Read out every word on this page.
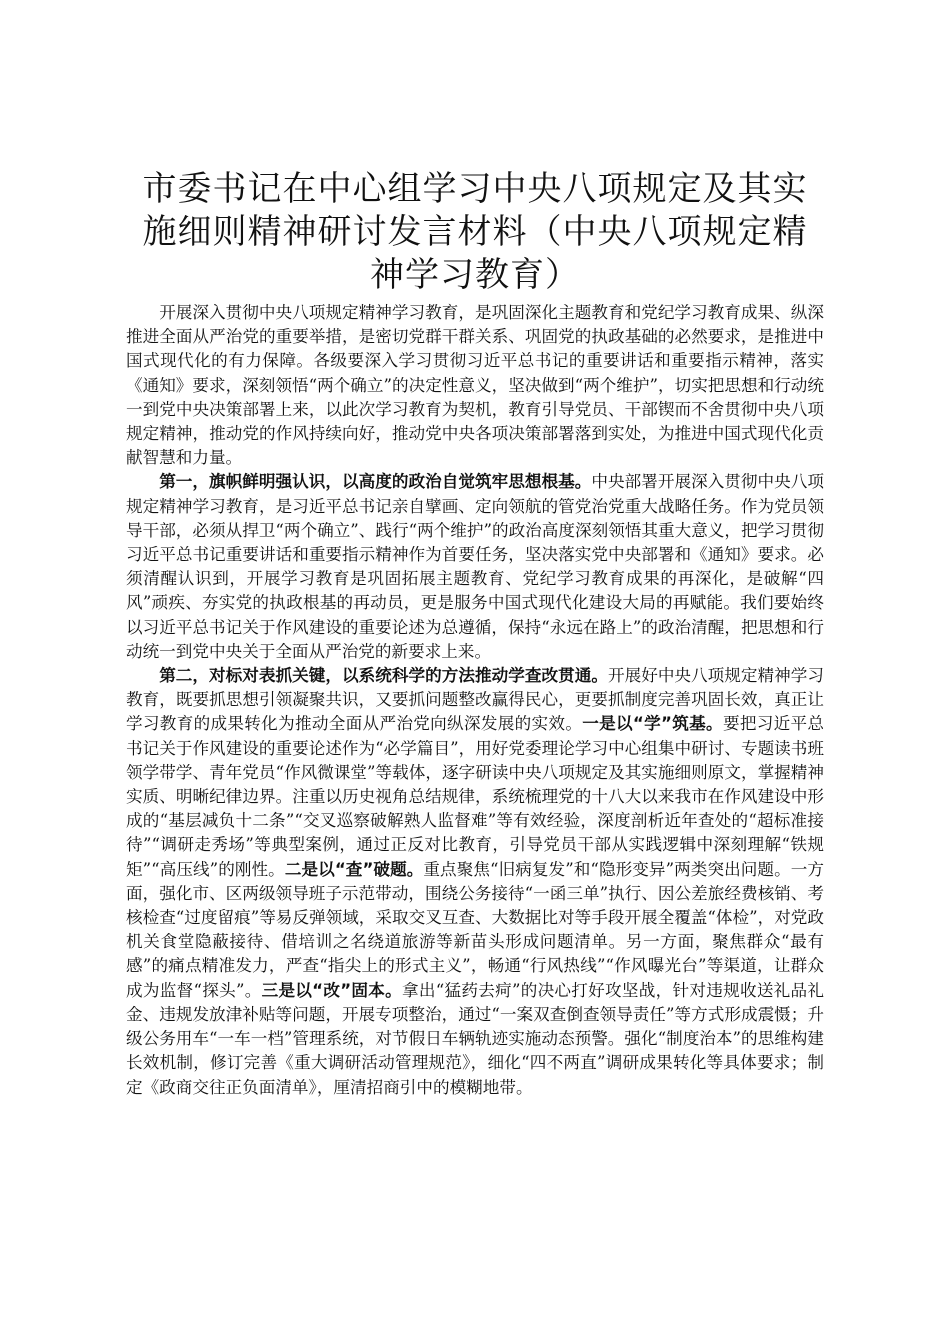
市委书记在中心组学习中央八项规定及其实施细则精神研讨发言材料（中央八项规定精神学习教育）

开展深入贯彻中央八项规定精神学习教育，是巩固深化主题教育和党纪学习教育成果、纵深推进全面从严治党的重要举措，是密切党群干群关系、巩固党的执政基础的必然要求，是推进中国式现代化的有力保障。各级要深入学习贯彻习近平总书记的重要讲话和重要指示精神，落实《通知》要求，深刻领悟“两个确立”的决定性意义，坚决做到“两个维护”，切实把思想和行动统一到党中央决策部署上来，以此次学习教育为契机，教育引导党员、干部锲而不舍贯彻中央八项规定精神，推动党的作风持续向好，推动党中央各项决策部署落到实处，为推进中国式现代化贡献智慧和力量。

第一，旗帜鲜明强认识，以高度的政治自觉筑牢思想根基。中央部署开展深入贯彻中央八项规定精神学习教育，是习近平总书记亲自擘画、定向领航的管党治党重大战略任务。作为党员领导干部，必须从捍卫“两个确立”、践行“两个维护”的政治高度深刻领悟其重大意义，把学习贯彻习近平总书记重要讲话和重要指示精神作为首要任务，坚决落实党中央部署和《通知》要求。必须清醒认识到，开展学习教育是巩固拓展主题教育、党纪学习教育成果的再深化，是破解“四风”顽疾、夯实党的执政根基的再动员，更是服务中国式现代化建设大局的再赋能。我们要始终以习近平总书记关于作风建设的重要论述为总遵循，保持“永远在路上”的政治清醒，把思想和行动统一到党中央关于全面从严治党的新要求上来。

第二，对标对表抓关键，以系统科学的方法推动学查改贯通。开展好中央八项规定精神学习教育，既要抓思想引领凝聚共识，又要抓问题整改赢得民心，更要抓制度完善巩固长效，真正让学习教育的成果转化为推动全面从严治党向纵深发展的实效。一是以“学”筑基。要把习近平总书记关于作风建设的重要论述作为“必学篇目”，用好党委理论学习中心组集中研讨、专题读书班领学带学、青年党员“作风微课堂”等载体，逐字研读中央八项规定及其实施细则原文，掌握精神实质、明晰纪律边界。注重以历史视角总结规律，系统梳理党的十八大以来我市在作风建设中形成的“基层减负十二条”“交叉巡察破解熟人监督难”等有效经验，深度剖析近年查处的“超标准接待”“调研走秀场”等典型案例，通过正反对比教育，引导党员干部从实践逻辑中深刻理解“铁规矩”“高压线”的刚性。二是以“查”破题。重点聚焦“旧病复发”和“隐形变异”两类突出问题。一方面，强化市、区两级领导班子示范带动，围绕公务接待“一函三单”执行、因公差旅经费核销、考核检查“过度留痕”等易反弹领域，采取交叉互查、大数据比对等手段开展全覆盖“体检”，对党政机关食堂隐蔽接待、借培训之名绕道旅游等新苗头形成问题清单。另一方面，聚焦群众“最有感”的痛点精准发力，严查“指尖上的形式主义”，畅通“行风热线”“作风曝光台”等渠道，让群众成为监督“探头”。三是以“改”固本。拿出“猛药去疴”的决心打好攻坚战，针对违规收送礼品礼金、违规发放津补贴等问题，开展专项整治，通过“一案双查倒查领导责任”等方式形成震慑；升级公务用车“一车一档”管理系统，对节假日车辆轨迹实施动态预警。强化“制度治本”的思维构建长效机制，修订完善《重大调研活动管理规范》，细化“四不两直”调研成果转化等具体要求；制定《政商交往正负面清单》，厘清招商引中的模糊地带。
